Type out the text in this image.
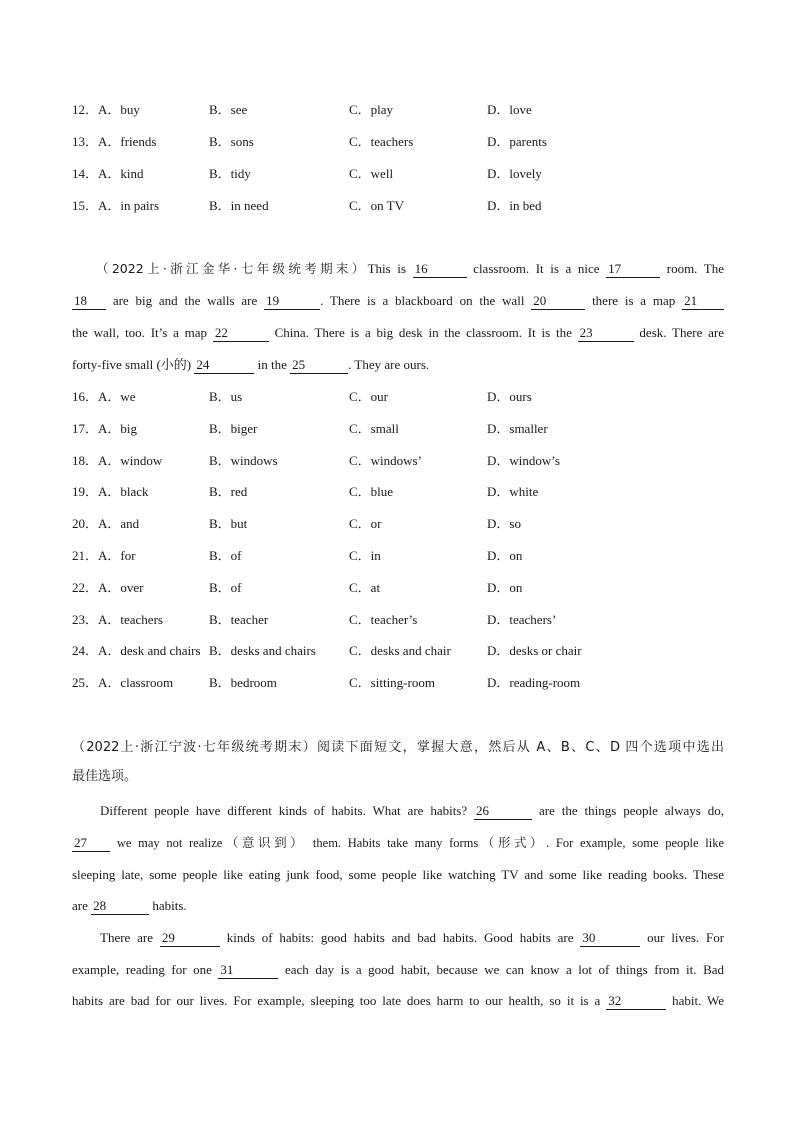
12． A．buy	B．see	C．play	D．love
13． A．friends	B．sons	C．teachers	D．parents
14． A．kind	B．tidy	C．well	D．lovely
15． A．in pairs	B．in need	C．on TV	D．in bed
（2022上·浙江金华·七年级统考期末）This is 16	classroom. It is a nice 17	room. The
18 are big and the walls are 19	. There is a blackboard on the wall 20	there is a map 21
the wall, too. It’s a map 22	China. There is a big desk in the classroom. It is the 23	desk. There are
forty-five small (小的) 24	in the 25	. They are ours.
16． A．we	B．us	C．our	D．ours
17． A．big	B．biger	C．small	D．smaller
18． A．window	B．windows	C．windows’	D．window’s
19． A．black	B．red	C．blue	D．white
20． A．and	B．but	C．or	D．so
21． A．for	B．of	C．in	D．on
22． A．over	B．of	C．at	D．on
23． A．teachers	B．teacher	C．teacher’s	D．teachers’
24． A．desk and chairs B．desks and chairs	C．desks and chair	D．desks or chair
25． A．classroom	B．bedroom	C．sitting-room	D．reading-room
（2022上·浙江宁波·七年级统考期末）阅读下面短文，掌握大意，然后从 A、B、C、D 四个选项中选出
最佳选项。
Different people have different kinds of habits. What are habits? 26	are the things people always do,
27 we may not realize（意识到） them. Habits take many forms（形式）. For example, some people like
sleeping late, some people like eating junk food, some people like watching TV and some like reading books. These
are 28	habits.
There are 29	kinds of habits: good habits and bad habits. Good habits are 30	our lives. For
example, reading for one 31	each day is a good habit, because we can know a lot of things from it. Bad
habits are bad for our lives. For example, sleeping too late does harm to our health, so it is a 32	habit. We
